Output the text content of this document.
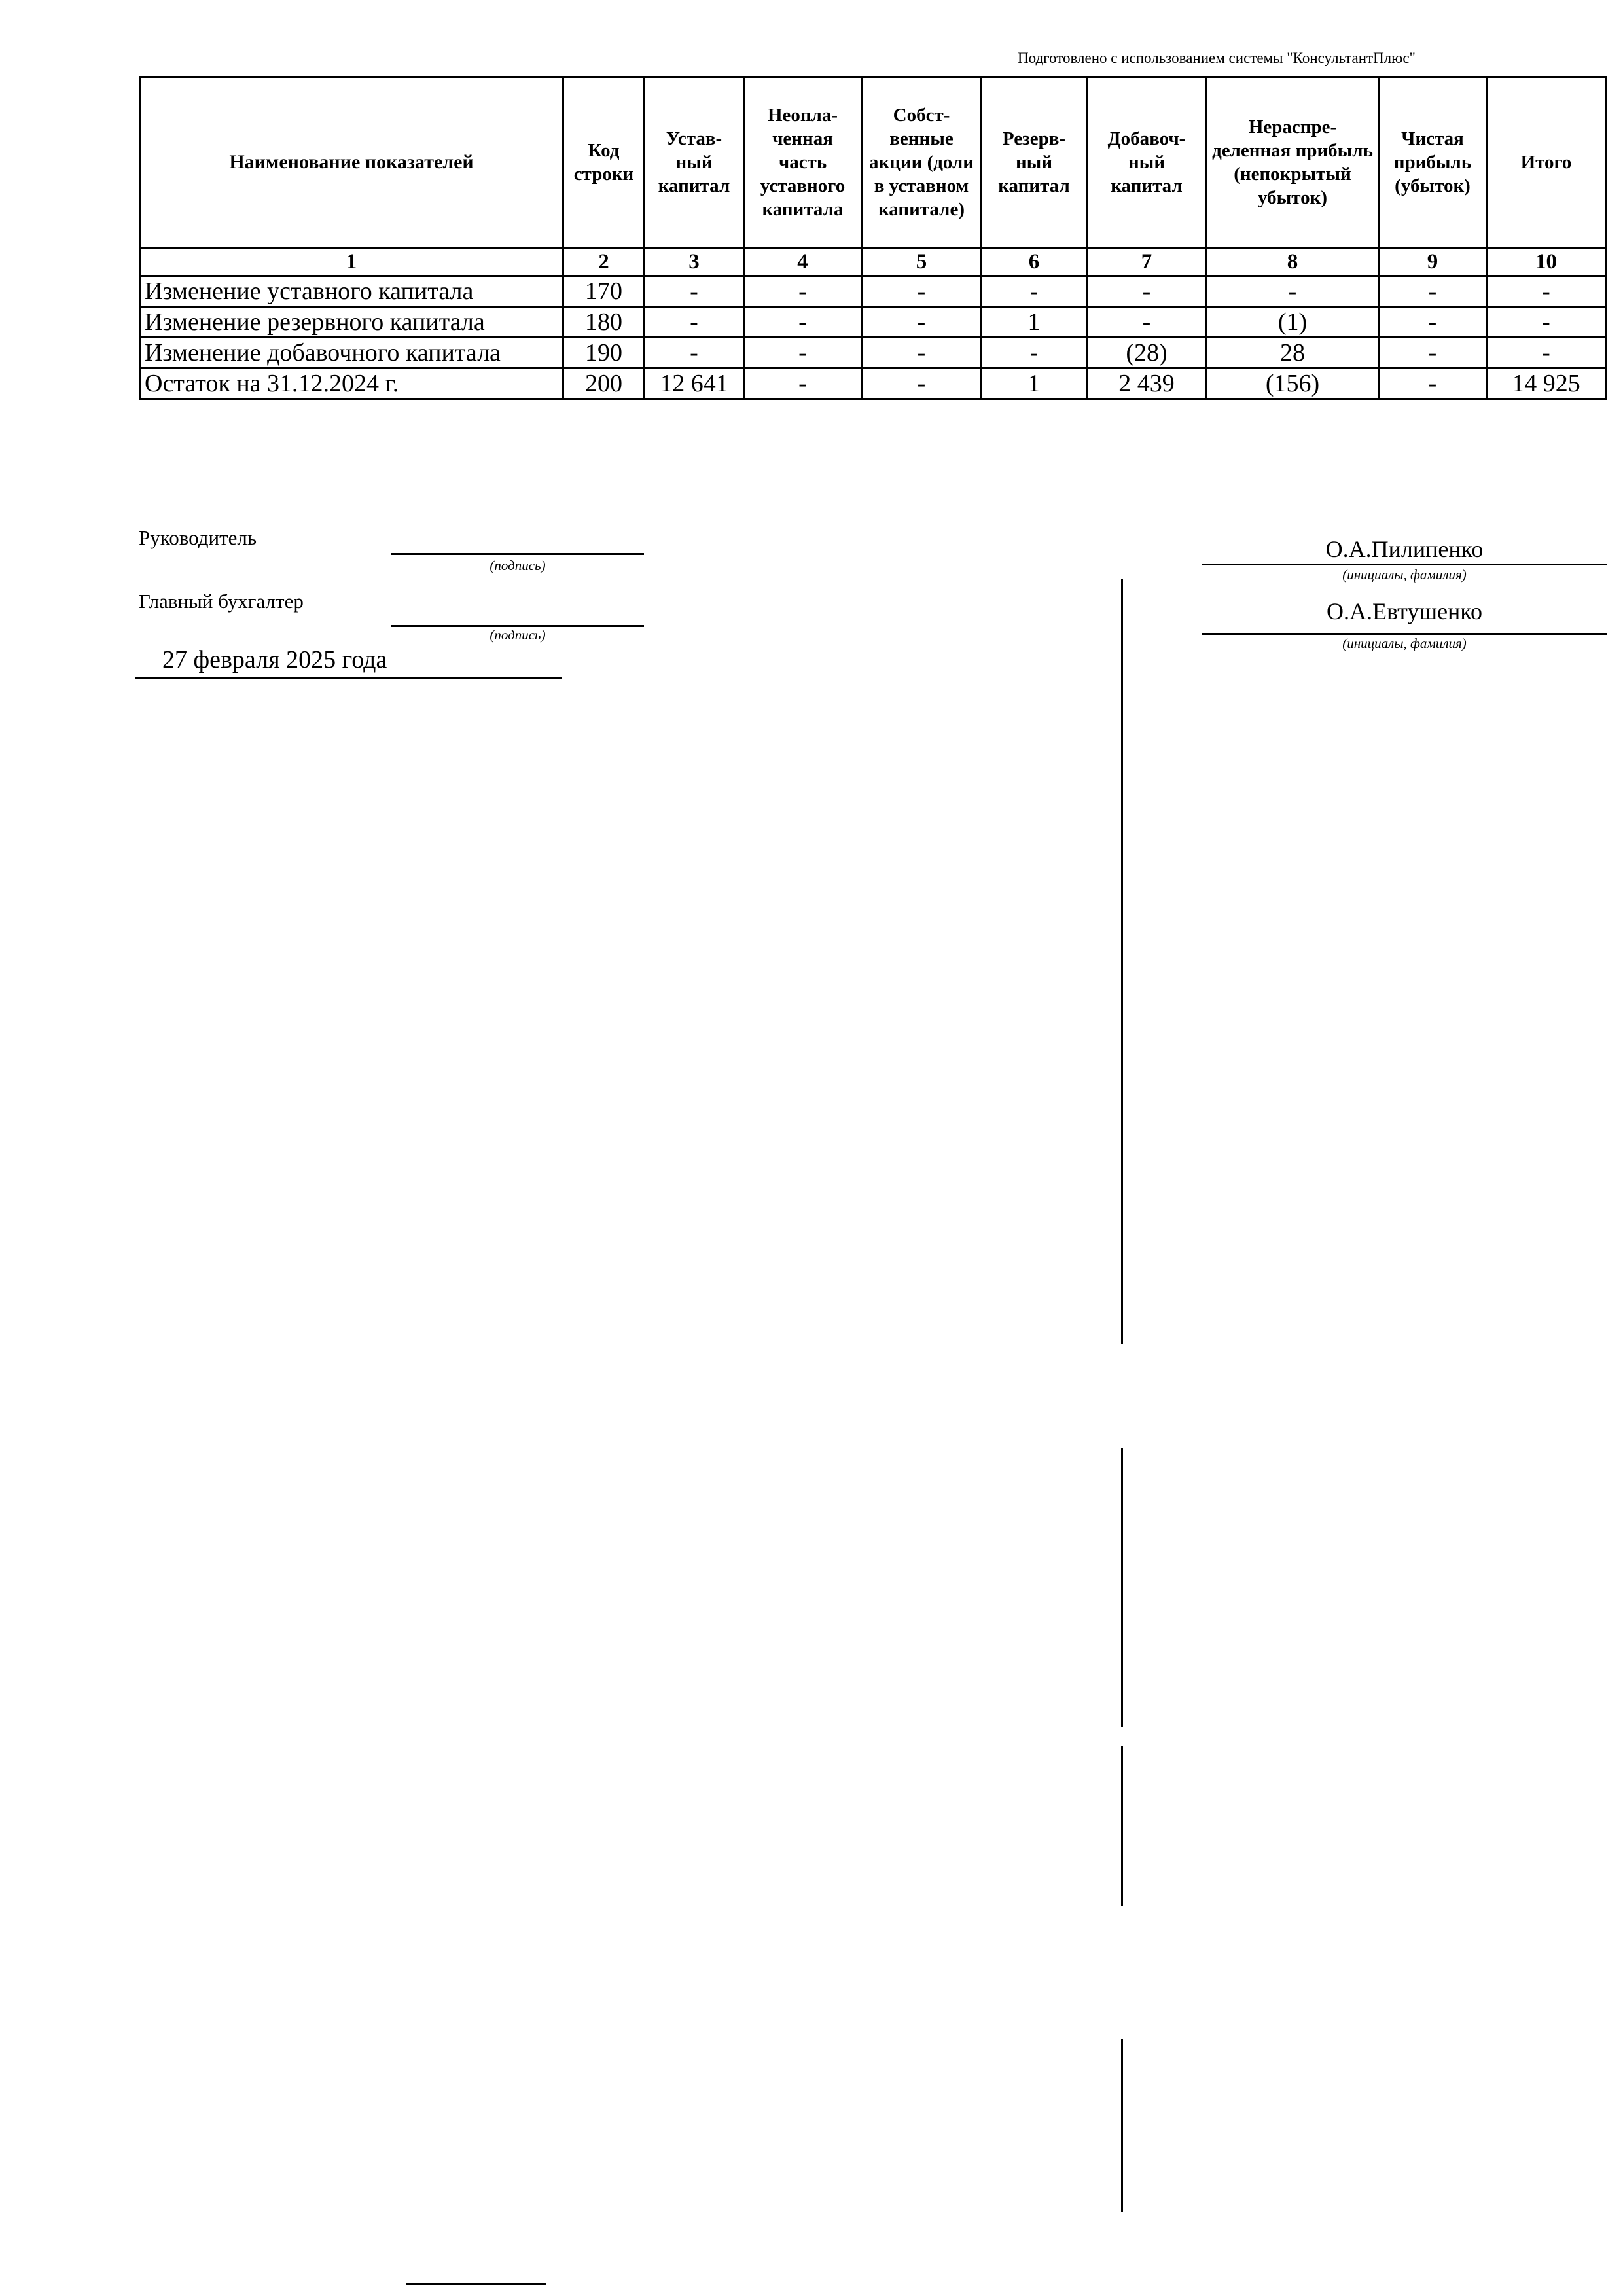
Подготовлено с использованием системы "КонсультантПлюс"
Наименование показателей	Код строки	Устав-ный капитал	Неопла-ченная часть уставного капитала	Собст-венные акции (доли в уставном капитале)	Резерв-ный капитал	Добавоч-ный капитал	Нераспре-деленная прибыль (непокрытый убыток)	Чистая прибыль (убыток)	Итого
1	2	3	4	5	6	7	8	9	10
Изменение уставного капитала	170	-	-	-	-	-	-	-	-
Изменение резервного капитала	180	-	-	-	1	-	(1)	-	-
Изменение добавочного капитала	190	-	-	-	-	(28)	28	-	-
Остаток на 31.12.2024 г.	200	12 641	-	-	1	2 439	(156)	-	14 925
Руководитель
(подпись)
О.А.Пилипенко
(инициалы, фамилия)
Главный бухгалтер
(подпись)
О.А.Евтушенко
(инициалы, фамилия)
27 февраля 2025 года
